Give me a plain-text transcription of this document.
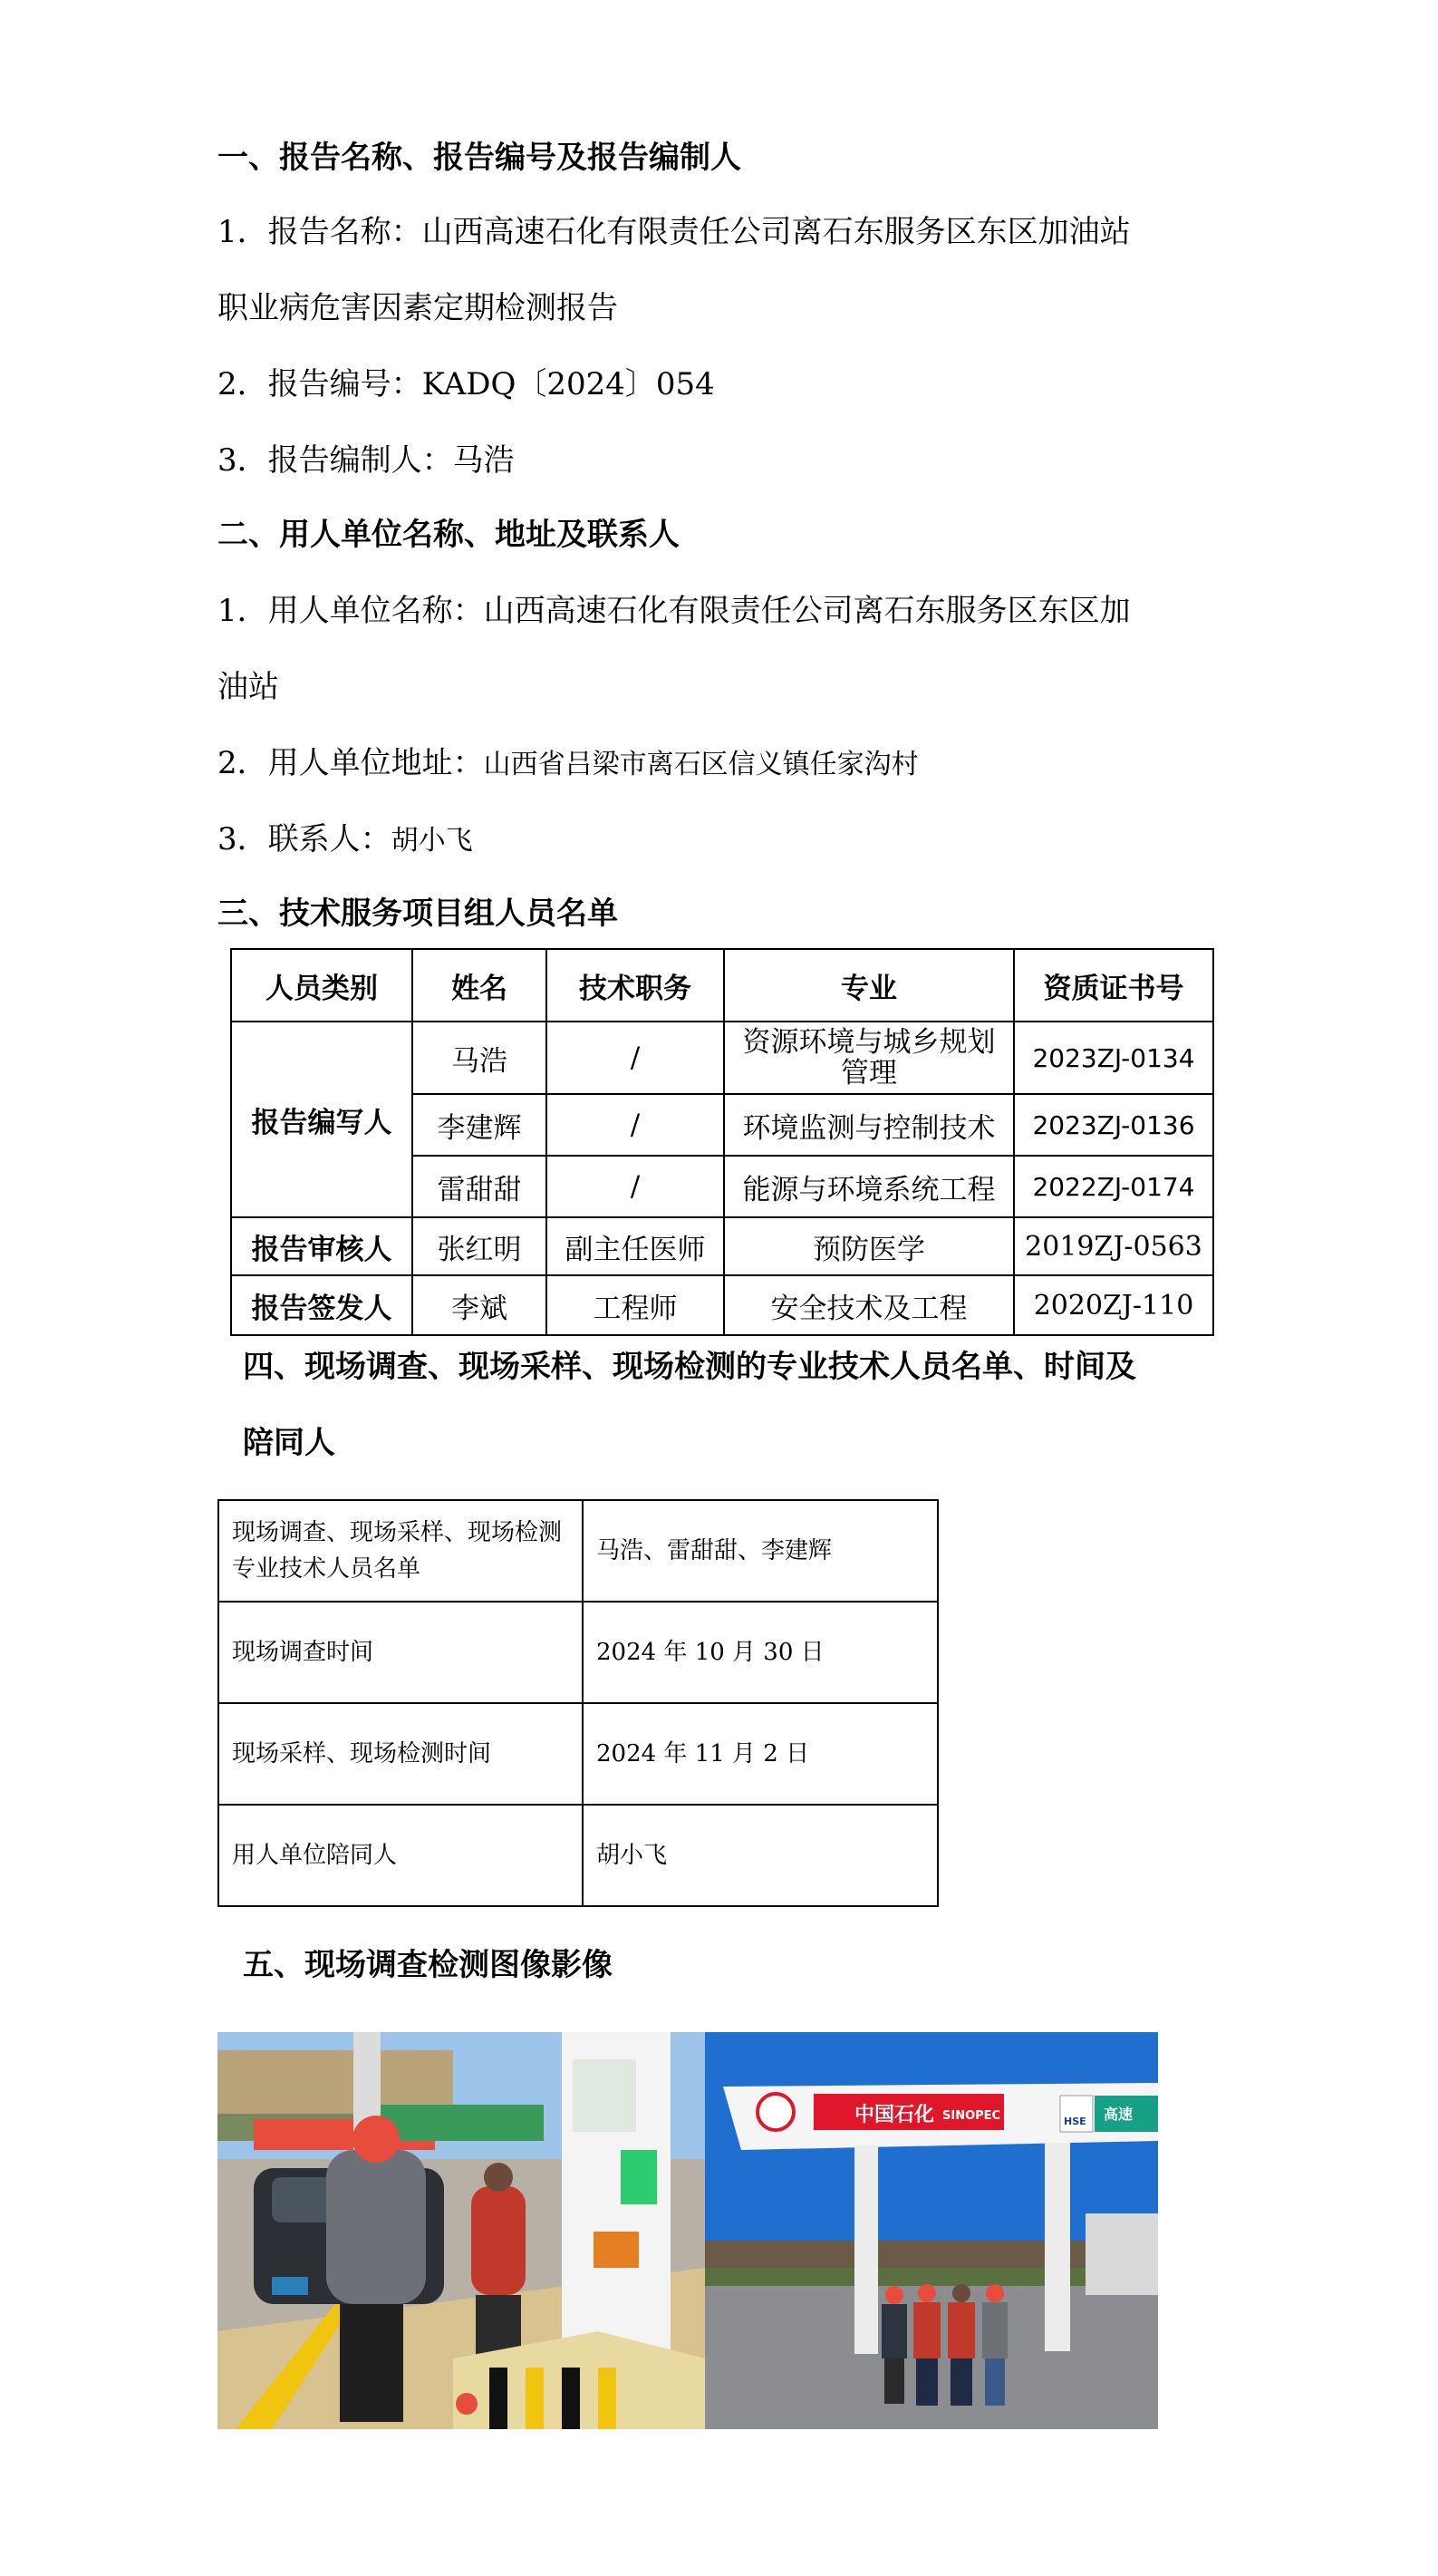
一、报告名称、报告编号及报告编制人
1．报告名称：山西高速石化有限责任公司离石东服务区东区加油站
职业病危害因素定期检测报告
2．报告编号：KADQ〔2024〕054
3．报告编制人：马浩
二、用人单位名称、地址及联系人
1．用人单位名称：山西高速石化有限责任公司离石东服务区东区加
油站
2．用人单位地址：山西省吕梁市离石区信义镇任家沟村
3．联系人：胡小飞
三、技术服务项目组人员名单
人员类别	姓名	技术职务	专业	资质证书号
报告编写人	马浩	/	资源环境与城乡规划管理	2023ZJ-0134
	李建辉	/	环境监测与控制技术	2023ZJ-0136
	雷甜甜	/	能源与环境系统工程	2022ZJ-0174
报告审核人	张红明	副主任医师	预防医学	2019ZJ-0563
报告签发人	李斌	工程师	安全技术及工程	2020ZJ-110
四、现场调查、现场采样、现场检测的专业技术人员名单、时间及
陪同人
现场调查、现场采样、现场检测专业技术人员名单	马浩、雷甜甜、李建辉
现场调查时间	2024 年 10 月 30 日
现场采样、现场检测时间	2024 年 11 月 2 日
用人单位陪同人	胡小飞
五、现场调查检测图像影像
中国石化 SINOPEC	HSE 高速
